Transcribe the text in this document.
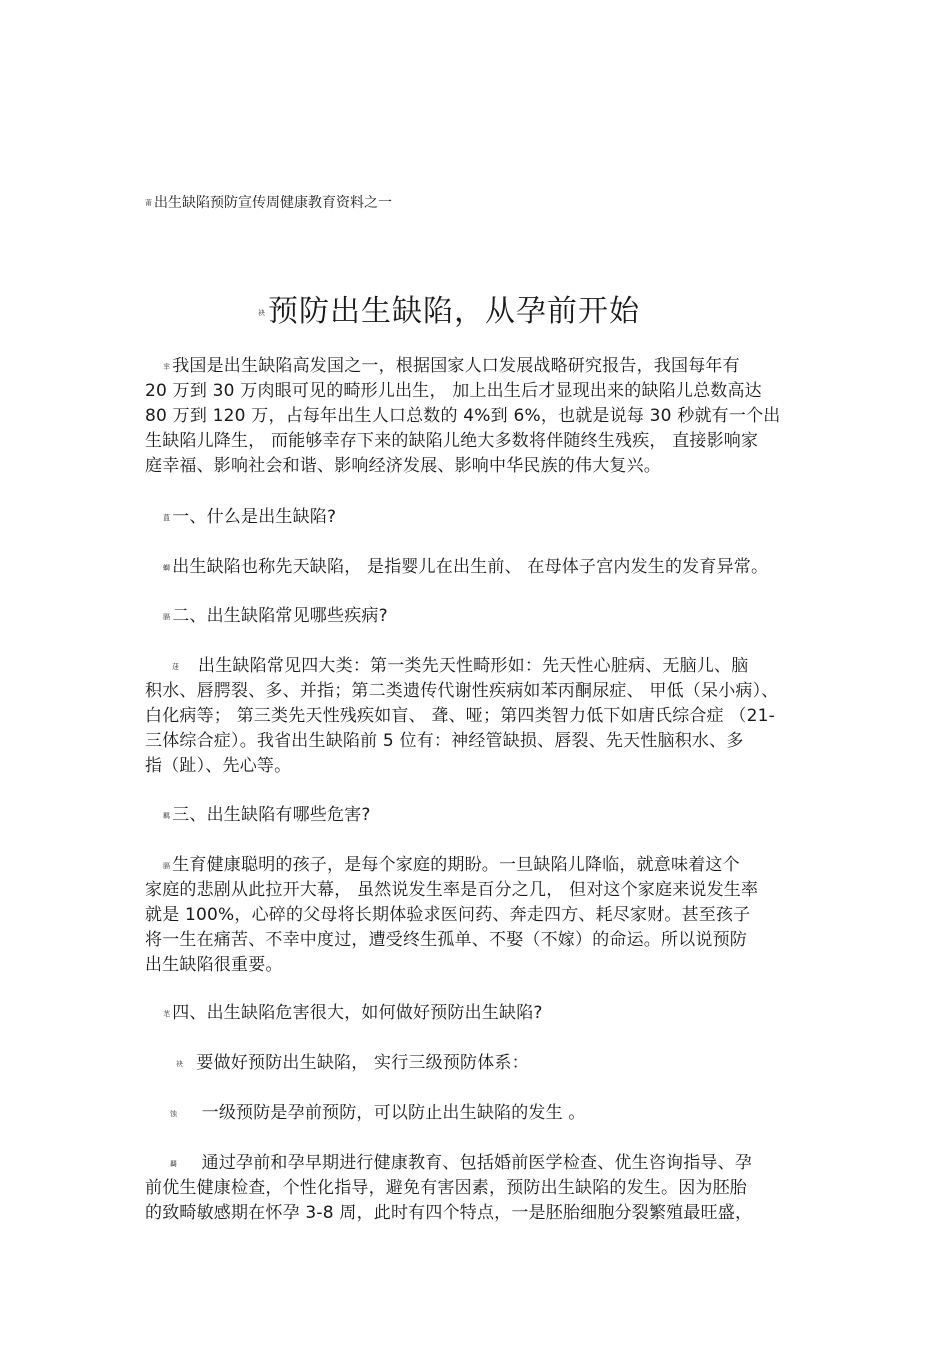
莆 出生缺陷预防宣传周健康教育资料之一
$^袂$预防出生缺陷，从孕前开始
芈 我国是出生缺陷高发国之一，根据国家人口发展战略研究报告，我国每年有
20 万到 30 万肉眼可见的畸形儿出生， 加上出生后才显现出来的缺陷儿总数高达
80 万到 120 万，占每年出生人口总数的 4%到 6%，也就是说每 30 秒就有一个出
生缺陷儿降生， 而能够幸存下来的缺陷儿绝大多数将伴随终生残疾， 直接影响家
庭幸福、影响社会和谐、影响经济发展、影响中华民族的伟大复兴。
蒀 一、什么是出生缺陷?
螄 出生缺陷也称先天缺陷， 是指婴儿在出生前、 在母体子宫内发生的发育异常。
膈 二、出生缺陷常见哪些疾病?
蒁 出生缺陷常见四大类：第一类先天性畸形如：先天性心脏病、无脑儿、脑
积水、唇腭裂、多、并指；第二类遗传代谢性疾病如苯丙酮尿症、 甲低（呆小病）、
白化病等； 第三类先天性残疾如盲、 聋、哑；第四类智力低下如唐氏综合症 （21-
三体综合症）。我省出生缺陷前 5 位有：神经管缺损、唇裂、先天性脑积水、多
指（趾）、先心等。
羁 三、出生缺陷有哪些危害?
膈 生育健康聪明的孩子，是每个家庭的期盼。一旦缺陷儿降临，就意味着这个
家庭的悲剧从此拉开大幕， 虽然说发生率是百分之几， 但对这个家庭来说发生率
就是 100%，心碎的父母将长期体验求医问药、奔走四方、耗尽家财。甚至孩子
将一生在痛苦、不幸中度过，遭受终生孤单、不娶（不嫁）的命运。所以说预防
出生缺陷很重要。
芼 四、出生缺陷危害很大，如何做好预防出生缺陷?
袂 要做好预防出生缺陷， 实行三级预防体系：
蚀 一级预防是孕前预防，可以防止出生缺陷的发生 。
羇 通过孕前和孕早期进行健康教育、包括婚前医学检查、优生咨询指导、孕
前优生健康检查，个性化指导，避免有害因素，预防出生缺陷的发生。因为胚胎
的致畸敏感期在怀孕 3-8 周，此时有四个特点，一是胚胎细胞分裂繁殖最旺盛，
